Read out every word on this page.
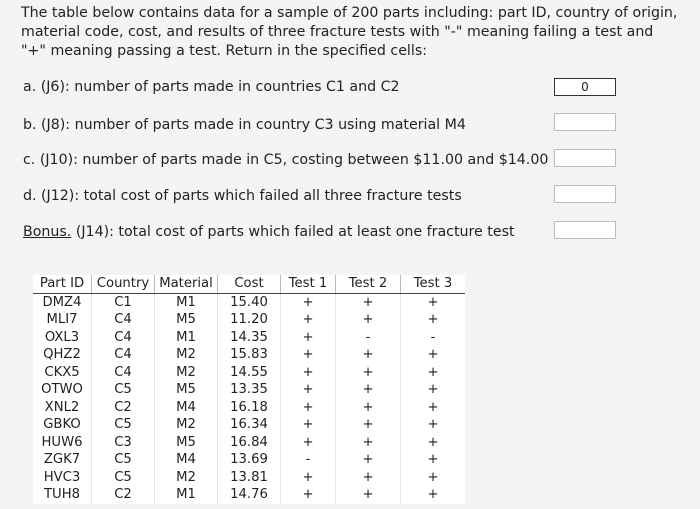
The table below contains data for a sample of 200 parts including: part ID, country of origin, material code, cost, and results of three fracture tests with "-" meaning failing a test and "+" meaning passing a test. Return in the specified cells:

a. (J6): number of parts made in countries C1 and C2

b. (J8): number of parts made in country C3 using material M4

c. (J10): number of parts made in C5, costing between $11.00 and $14.00

d. (J12): total cost of parts which failed all three fracture tests

Bonus. (J14): total cost of parts which failed at least one fracture test

0
Part ID	Country	Material	Cost	Test 1	Test 2	Test 3
DMZ4	C1	M1	15.40	+	+	+
MLI7	C4	M5	11.20	+	+	+
OXL3	C4	M1	14.35	+	-	-
QHZ2	C4	M2	15.83	+	+	+
CKX5	C4	M2	14.55	+	+	+
OTWO	C5	M5	13.35	+	+	+
XNL2	C2	M4	16.18	+	+	+
GBKO	C5	M2	16.34	+	+	+
HUW6	C3	M5	16.84	+	+	+
ZGK7	C5	M4	13.69	-	+	+
HVC3	C5	M2	13.81	+	+	+
TUH8	C2	M1	14.76	+	+	+
